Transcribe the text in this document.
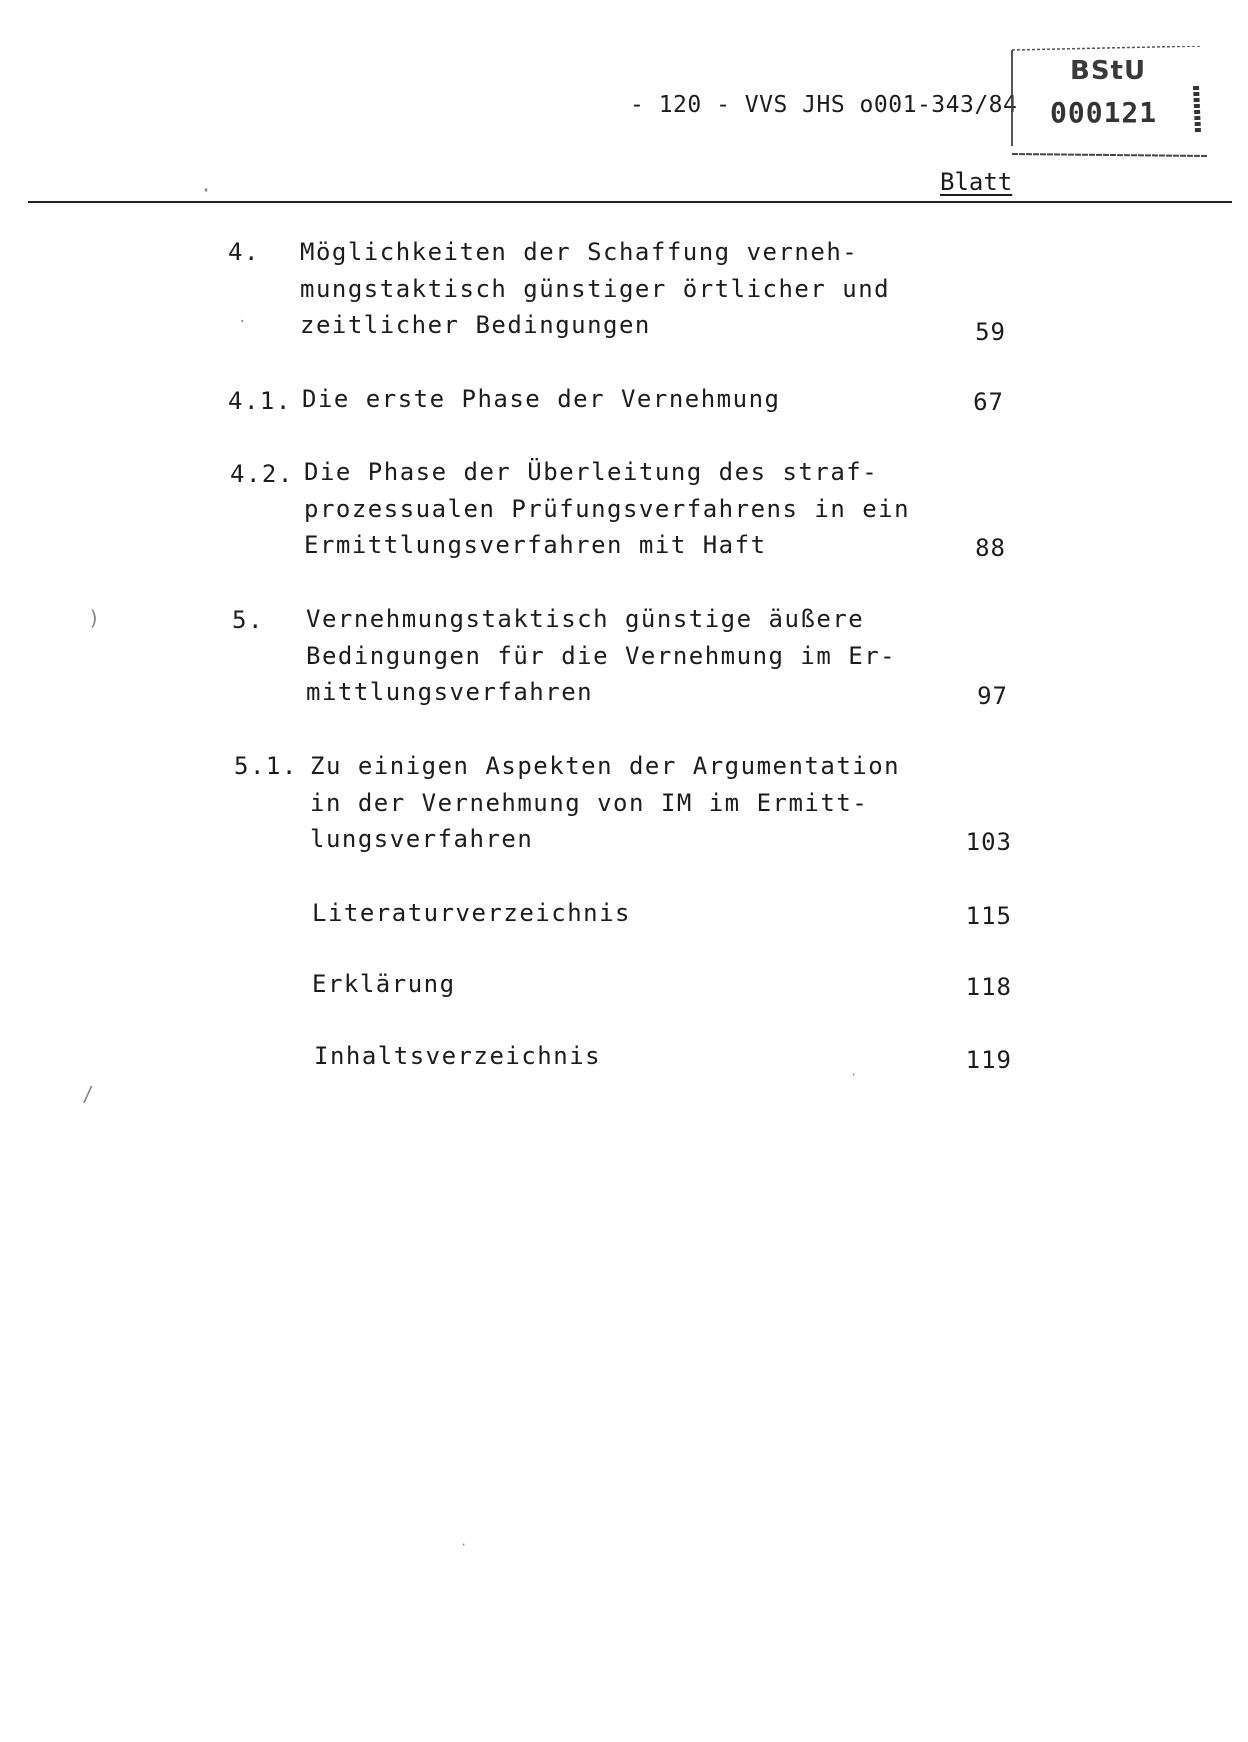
- 120 - VVS JHS o001-343/84
BStU
000121
Blatt
4. Möglichkeiten der Schaffung verneh-
mungstaktisch günstiger örtlicher und
zeitlicher Bedingungen	59
4.1. Die erste Phase der Vernehmung	67
4.2. Die Phase der Überleitung des straf-
prozessualen Prüfungsverfahrens in ein
Ermittlungsverfahren mit Haft	88
5. Vernehmungstaktisch günstige äußere
Bedingungen für die Vernehmung im Er-
mittlungsverfahren	97
5.1. Zu einigen Aspekten der Argumentation
in der Vernehmung von IM im Ermitt-
lungsverfahren	103
Literaturverzeichnis	115
Erklärung	118
Inhaltsverzeichnis	119
·
·
)
/
·
·
